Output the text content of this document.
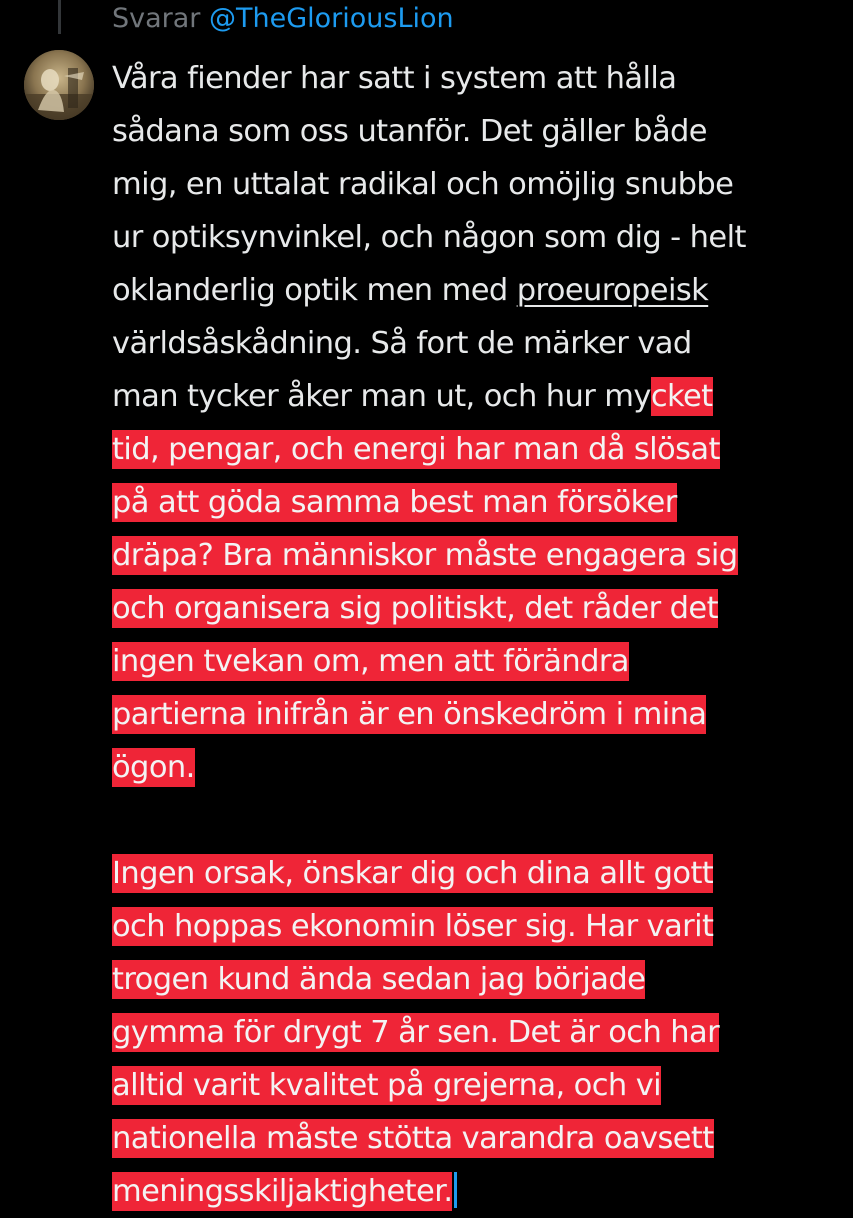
Svarar @TheGloriousLion
Våra fiender har satt i system att hålla
sådana som oss utanför. Det gäller både
mig, en uttalat radikal och omöjlig snubbe
ur optiksynvinkel, och någon som dig - helt
oklanderlig optik men med proeuropeisk
världsåskådning. Så fort de märker vad
man tycker åker man ut, och hur mycket
tid, pengar, och energi har man då slösat
på att göda samma best man försöker
dräpa? Bra människor måste engagera sig
och organisera sig politiskt, det råder det
ingen tvekan om, men att förändra
partierna inifrån är en önskedröm i mina
ögon.
Ingen orsak, önskar dig och dina allt gott
och hoppas ekonomin löser sig. Har varit
trogen kund ända sedan jag började
gymma för drygt 7 år sen. Det är och har
alltid varit kvalitet på grejerna, och vi
nationella måste stötta varandra oavsett
meningsskiljaktigheter.
